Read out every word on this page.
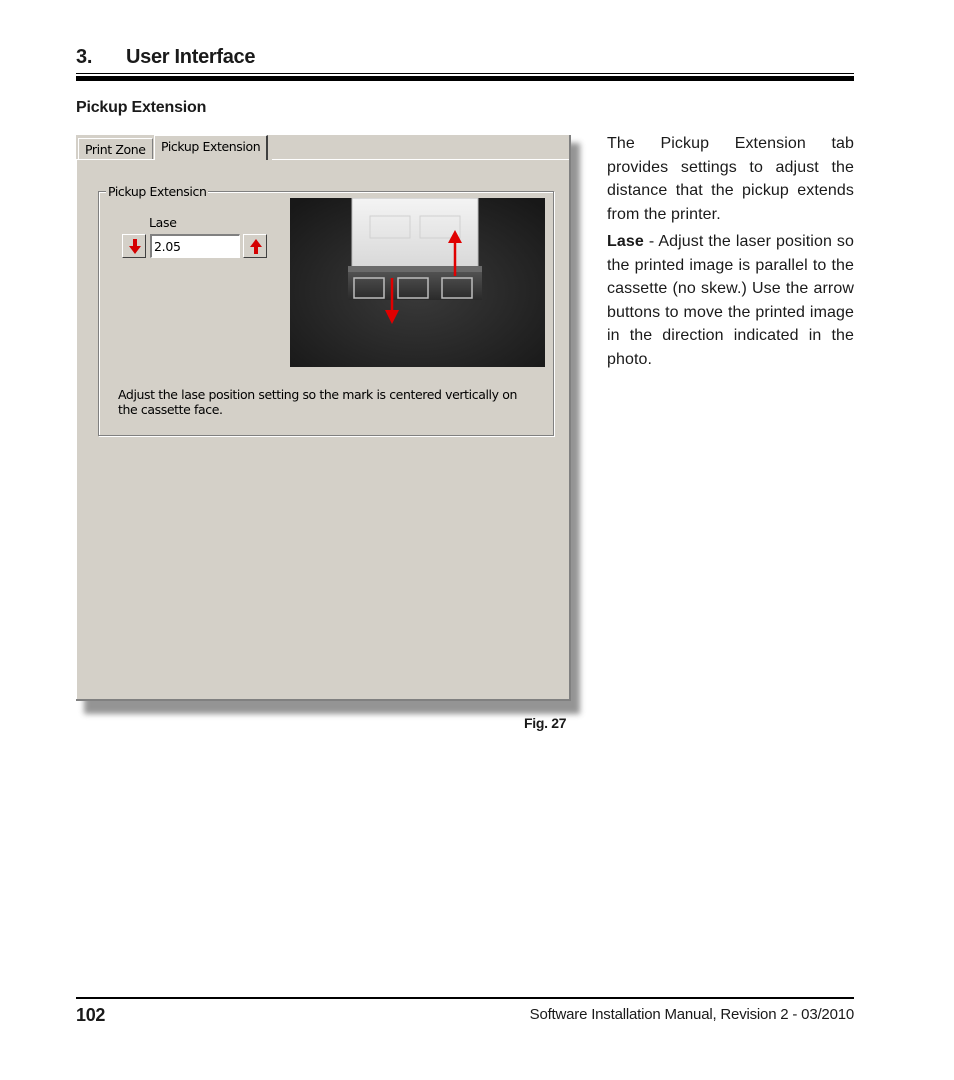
3. User Interface
Pickup Extension
Print Zone	Pickup Extension
Pickup Extensicn
Lase
2.05
Adjust the lase position setting so the mark is centered vertically on the cassette face.
Fig. 27

The Pickup Extension tab provides settings to adjust the distance that the pickup extends from the printer.

Lase - Adjust the laser position so the printed image is parallel to the cassette (no skew.) Use the arrow buttons to move the printed image in the direction indicated in the photo.

102	Software Installation Manual, Revision 2 - 03/2010
